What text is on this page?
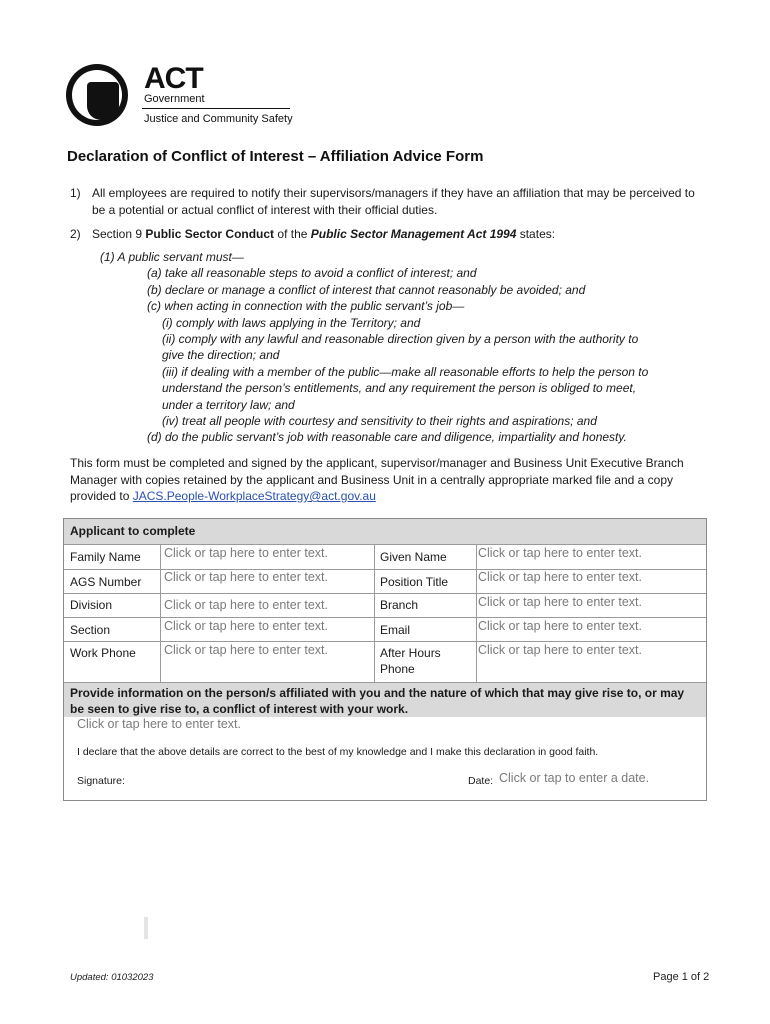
ACT
Government
Justice and Community Safety
Declaration of Conflict of Interest – Affiliation Advice Form
1) All employees are required to notify their supervisors/managers if they have an affiliation that may be perceived to be a potential or actual conflict of interest with their official duties.
2) Section 9 Public Sector Conduct of the Public Sector Management Act 1994 states:
(1) A public servant must—
(a) take all reasonable steps to avoid a conflict of interest; and
(b) declare or manage a conflict of interest that cannot reasonably be avoided; and
(c) when acting in connection with the public servant’s job—
(i) comply with laws applying in the Territory; and
(ii) comply with any lawful and reasonable direction given by a person with the authority to
give the direction; and
(iii) if dealing with a member of the public—make all reasonable efforts to help the person to
understand the person’s entitlements, and any requirement the person is obliged to meet,
under a territory law; and
(iv) treat all people with courtesy and sensitivity to their rights and aspirations; and
(d) do the public servant’s job with reasonable care and diligence, impartiality and honesty.
This form must be completed and signed by the applicant, supervisor/manager and Business Unit Executive Branch Manager with copies retained by the applicant and Business Unit in a centrally appropriate marked file and a copy provided to JACS.People-WorkplaceStrategy@act.gov.au
Applicant to complete
Family Name Click or tap here to enter text.	Given Name	Click or tap here to enter text.
AGS Number Click or tap here to enter text.	Position Title Click or tap here to enter text.
Division	Click or tap here to enter text.	Branch	Click or tap here to enter text.
Section	Click or tap here to enter text.	Email	Click or tap here to enter text.
Work Phone Click or tap here to enter text.	After Hours Phone
Click or tap here to enter text.
Provide information on the person/s affiliated with you and the nature of which that may give rise to, or may be seen to give rise to, a conflict of interest with your work.
Click or tap here to enter text.
I declare that the above details are correct to the best of my knowledge and I make this declaration in good faith.
Signature:	Date: Click or tap to enter a date.
Updated: 01032023	Page 1 of 2
